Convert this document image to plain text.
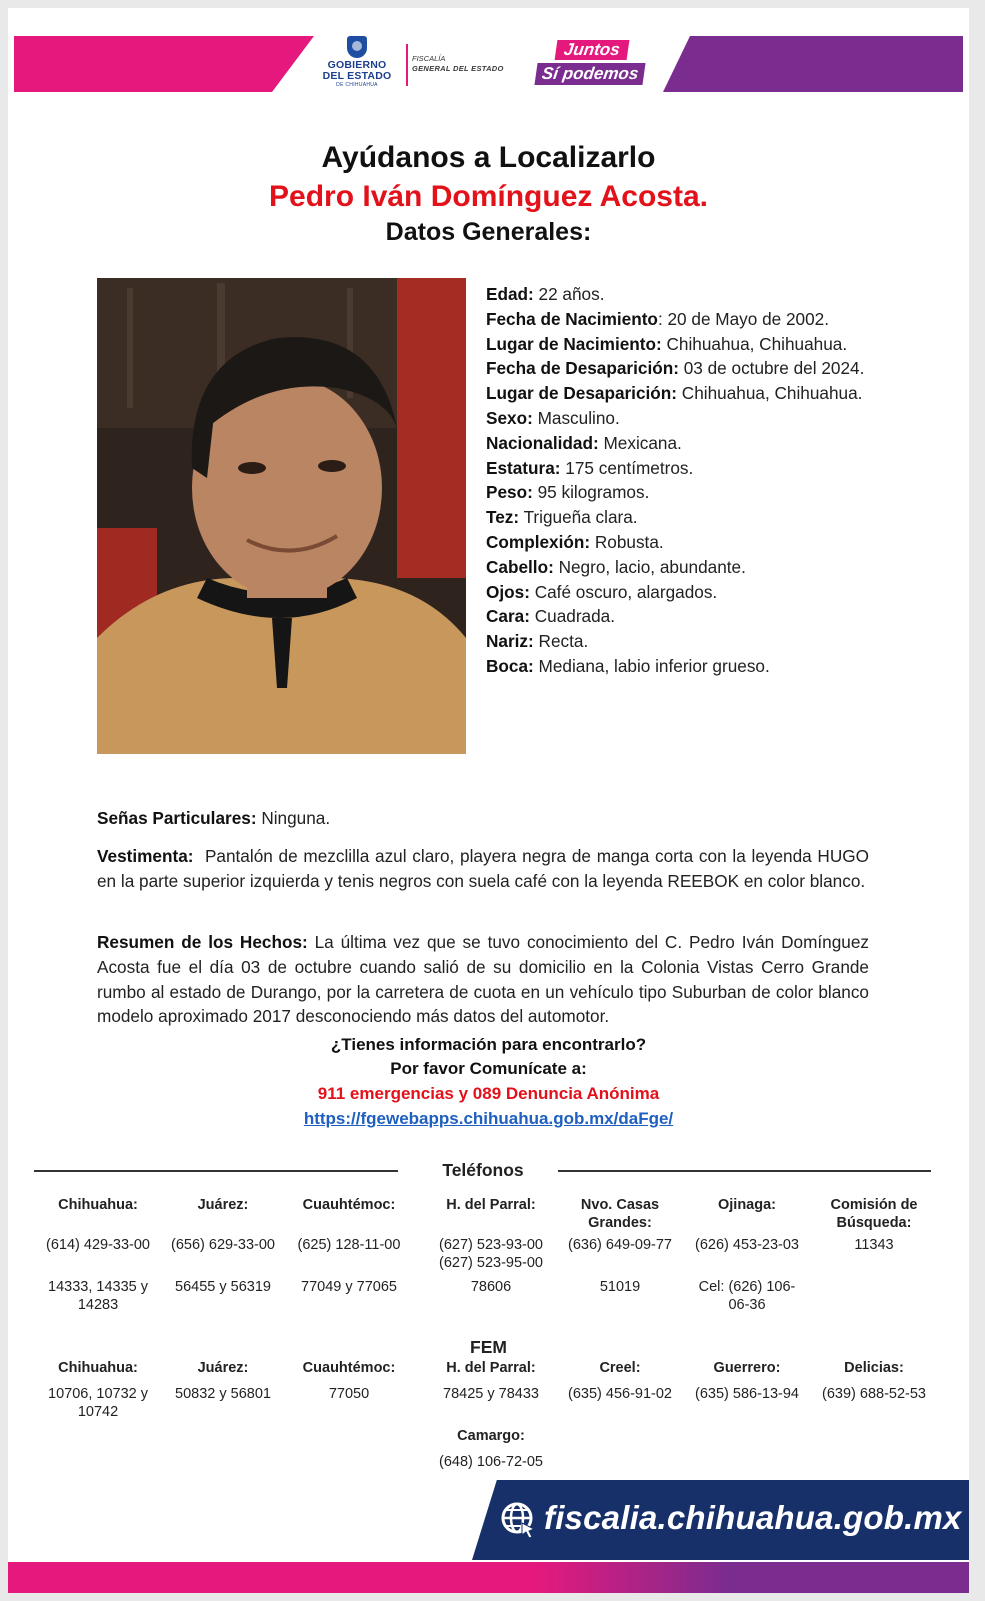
GOBIERNO
DEL ESTADO
DE CHIHUAHUA
FISCALÍA
GENERAL DEL ESTADO
Juntos
Sí podemos
Ayúdanos a Localizarlo
Pedro Iván Domínguez Acosta.
Datos Generales:
Edad: 22 años.
Fecha de Nacimiento: 20 de Mayo de 2002.
Lugar de Nacimiento: Chihuahua, Chihuahua.
Fecha de Desaparición: 03 de octubre del 2024.
Lugar de Desaparición: Chihuahua, Chihuahua.
Sexo: Masculino.
Nacionalidad: Mexicana.
Estatura: 175 centímetros.
Peso: 95 kilogramos.
Tez: Trigueña clara.
Complexión: Robusta.
Cabello: Negro, lacio, abundante.
Ojos: Café oscuro, alargados.
Cara: Cuadrada.
Nariz: Recta.
Boca: Mediana, labio inferior grueso.
Señas Particulares: Ninguna.
Vestimenta:  Pantalón de mezclilla azul claro, playera negra de manga corta con la leyenda HUGO en la parte superior izquierda y tenis negros con suela café con la leyenda REEBOK en color blanco.
Resumen de los Hechos: La última vez que se tuvo conocimiento del C. Pedro Iván Domínguez Acosta fue el día 03 de octubre cuando salió de su domicilio en la Colonia Vistas Cerro Grande rumbo al estado de Durango, por la carretera de cuota en un vehículo tipo Suburban de color blanco modelo aproximado 2017 desconociendo más datos del automotor.
¿Tienes información para encontrarlo?
Por favor Comunícate a:
911 emergencias y 089 Denuncia Anónima
https://fgewebapps.chihuahua.gob.mx/daFge/
Teléfonos
Chihuahua:
(614) 429-33-00
14333, 14335 y 14283
Juárez:
(656) 629-33-00
56455 y 56319
Cuauhtémoc:
(625) 128-11-00
77049 y 77065
H. del Parral:
(627) 523-93-00 (627) 523-95-00
78606
Nvo. Casas Grandes:
(636) 649-09-77
51019
Ojinaga:
(626) 453-23-03
Cel: (626) 106-06-36
Comisión de Búsqueda:
11343
FEM
Chihuahua:
10706, 10732 y 10742
Juárez:
50832 y 56801
Cuauhtémoc:
77050
H. del Parral:
78425 y 78433
Creel:
(635) 456-91-02
Guerrero:
(635) 586-13-94
Delicias:
(639) 688-52-53
Camargo:
(648) 106-72-05
fiscalia.chihuahua.gob.mx
